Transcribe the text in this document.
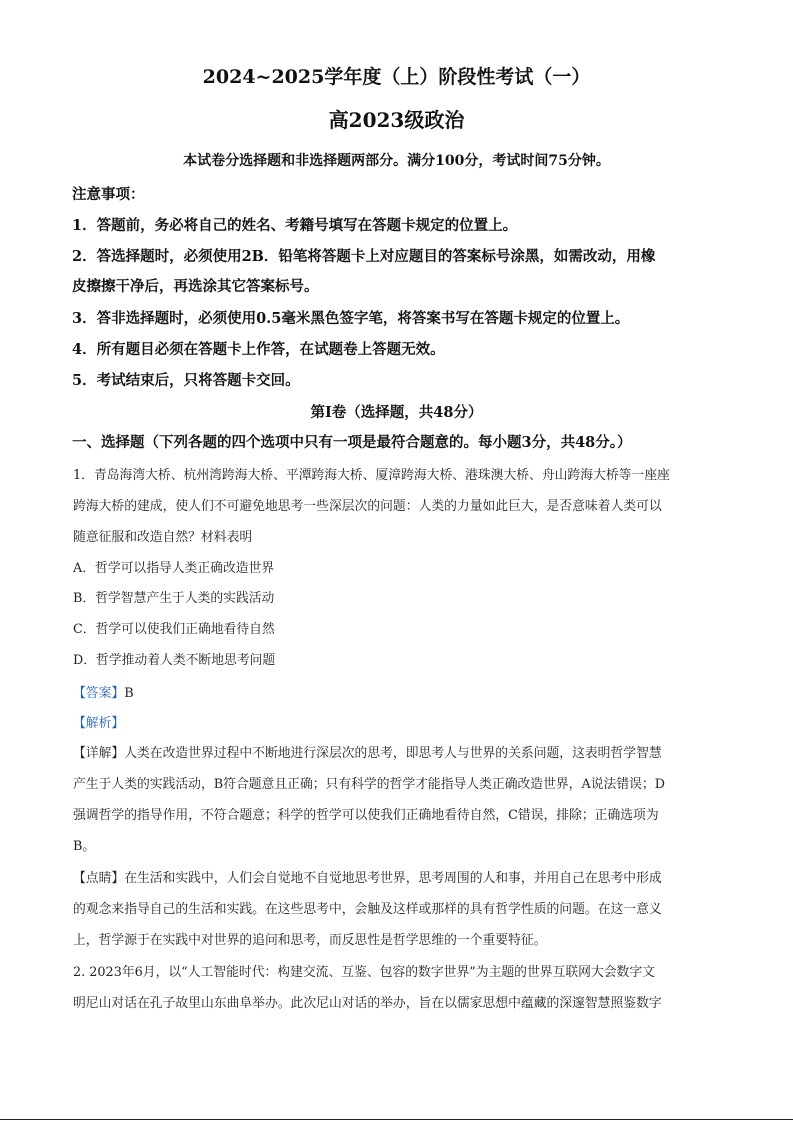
2024~2025学年度（上）阶段性考试（一）
高2023级政治
本试卷分选择题和非选择题两部分。满分100分，考试时间75分钟。
注意事项：
1．答题前，务必将自己的姓名、考籍号填写在答题卡规定的位置上。
2．答选择题时，必须使用2B．铅笔将答题卡上对应题目的答案标号涂黑，如需改动，用橡
皮擦擦干净后，再选涂其它答案标号。
3．答非选择题时，必须使用0.5毫米黑色签字笔，将答案书写在答题卡规定的位置上。
4．所有题目必须在答题卡上作答，在试题卷上答题无效。
5．考试结束后，只将答题卡交回。
第Ⅰ卷（选择题，共48分）
一、选择题（下列各题的四个选项中只有一项是最符合题意的。每小题3分，共48分。）
1．青岛海湾大桥、杭州湾跨海大桥、平潭跨海大桥、厦漳跨海大桥、港珠澳大桥、舟山跨海大桥等一座座
跨海大桥的建成，使人们不可避免地思考一些深层次的问题：人类的力量如此巨大，是否意味着人类可以
随意征服和改造自然？材料表明
A．哲学可以指导人类正确改造世界
B．哲学智慧产生于人类的实践活动
C．哲学可以使我们正确地看待自然
D．哲学推动着人类不断地思考问题
【答案】B
【解析】
【详解】人类在改造世界过程中不断地进行深层次的思考，即思考人与世界的关系问题，这表明哲学智慧
产生于人类的实践活动，B符合题意且正确；只有科学的哲学才能指导人类正确改造世界，A说法错误；D
强调哲学的指导作用，不符合题意；科学的哲学可以使我们正确地看待自然，C错误，排除；正确选项为
B。
【点睛】在生活和实践中，人们会自觉地不自觉地思考世界，思考周围的人和事，并用自己在思考中形成
的观念来指导自己的生活和实践。在这些思考中，会触及这样或那样的具有哲学性质的问题。在这一意义
上，哲学源于在实践中对世界的追问和思考，而反思性是哲学思维的一个重要特征。
2. 2023年6月，以“人工智能时代：构建交流、互鉴、包容的数字世界”为主题的世界互联网大会数字文
明尼山对话在孔子故里山东曲阜举办。此次尼山对话的举办，旨在以儒家思想中蕴藏的深邃智慧照鉴数字
